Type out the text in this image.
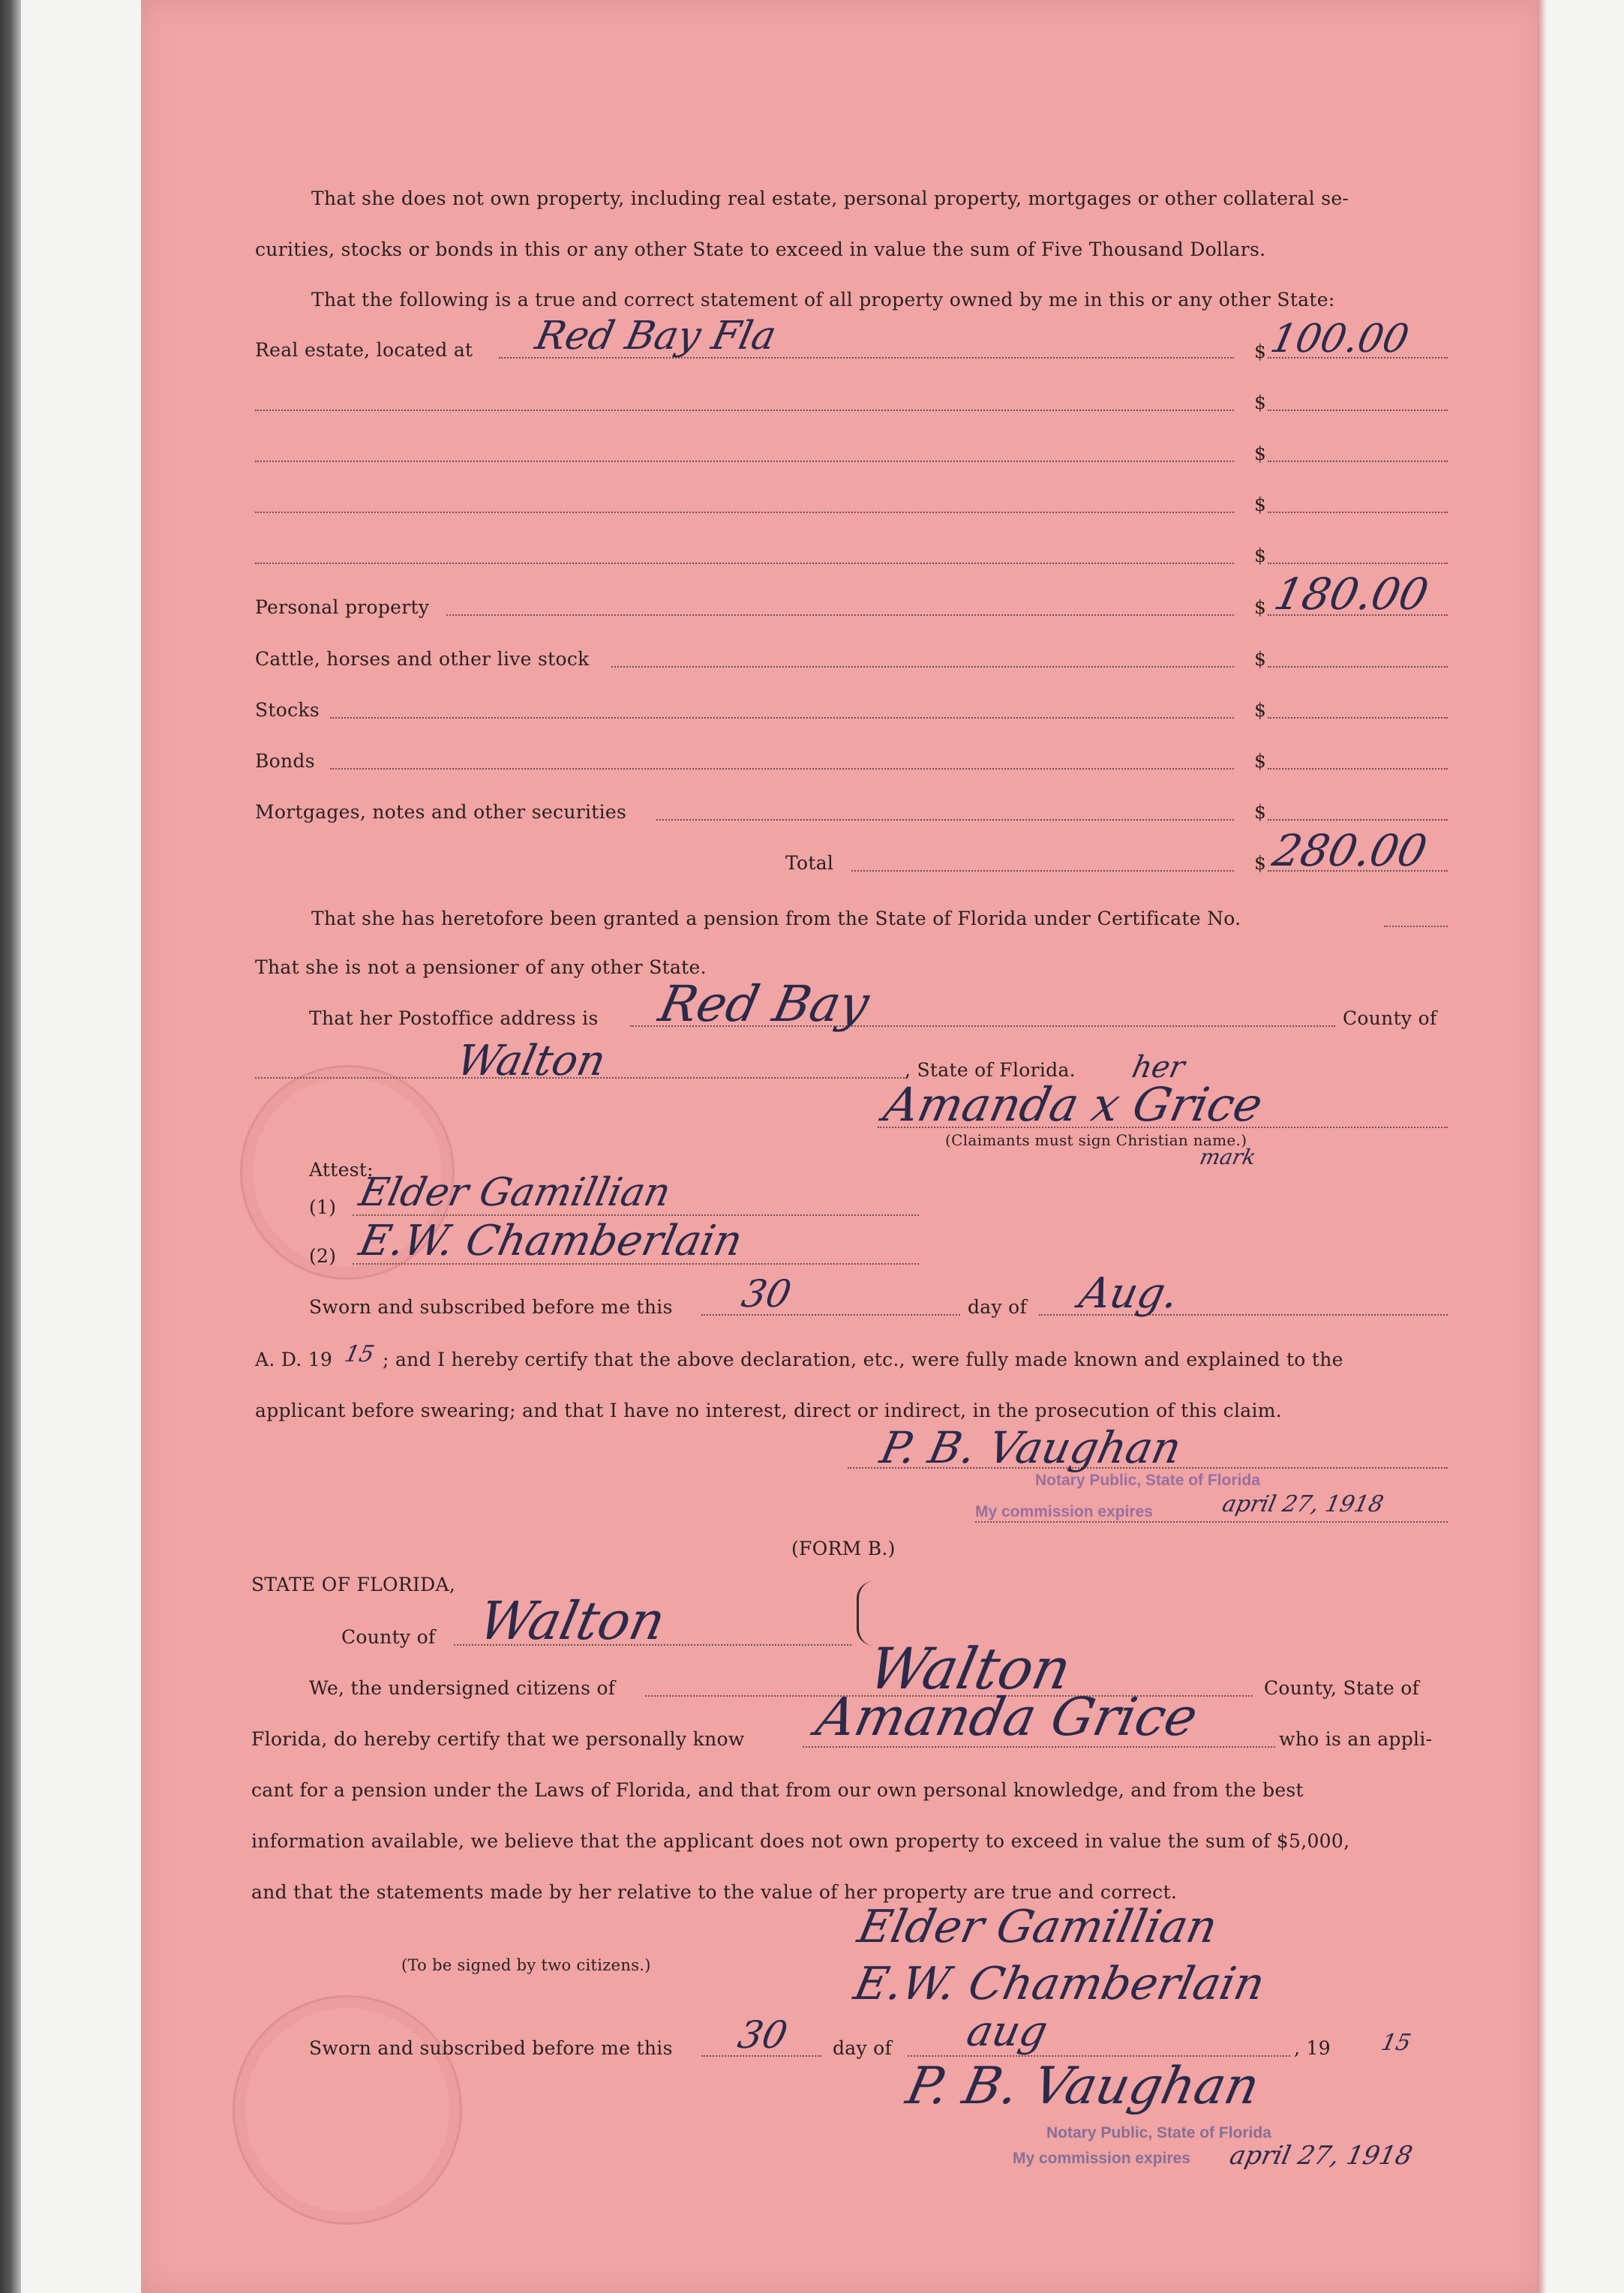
That she does not own property, including real estate, personal property, mortgages or other collateral se-
curities, stocks or bonds in this or any other State to exceed in value the sum of Five Thousand Dollars.
That the following is a true and correct statement of all property owned by me in this or any other State:
Real estate, located at Red Bay Fla	$ 100.00
$
$
$
$
Personal property	$ 180.00
Cattle, horses and other live stock	$
Stocks	$
Bonds	$
Mortgages, notes and other securities	$
Total	$ 280.00
That she has heretofore been granted a pension from the State of Florida under Certificate No.
That she is not a pensioner of any other State.
That her Postoffice address is Red Bay	County of
Walton	, State of Florida. her
Amanda x Grice
(Claimants must sign Christian name.)
mark
Attest:
(1) Elder Gamillian
(2) E.W. Chamberlain
Sworn and subscribed before me this 30	day of Aug.
A. D. 19 15 ; and I hereby certify that the above declaration, etc., were fully made known and explained to the
applicant before swearing; and that I have no interest, direct or indirect, in the prosecution of this claim.
P. B. Vaughan
Notary Public, State of Florida
My commission expires	april 27, 1918
(FORM B.)
STATE OF FLORIDA,
County of Walton
We, the undersigned citizens of	Walton	County, State of
Florida, do hereby certify that we personally know Amanda Grice	who is an appli-
cant for a pension under the Laws of Florida, and that from our own personal knowledge, and from the best
information available, we believe that the applicant does not own property to exceed in value the sum of $5,000,
and that the statements made by her relative to the value of her property are true and correct.
(To be signed by two citizens.)
Elder Gamillian
E.W. Chamberlain
Sworn and subscribed before me this 30 day of aug	, 19 15
P. B. Vaughan
Notary Public, State of Florida
My commission expires april 27, 1918
